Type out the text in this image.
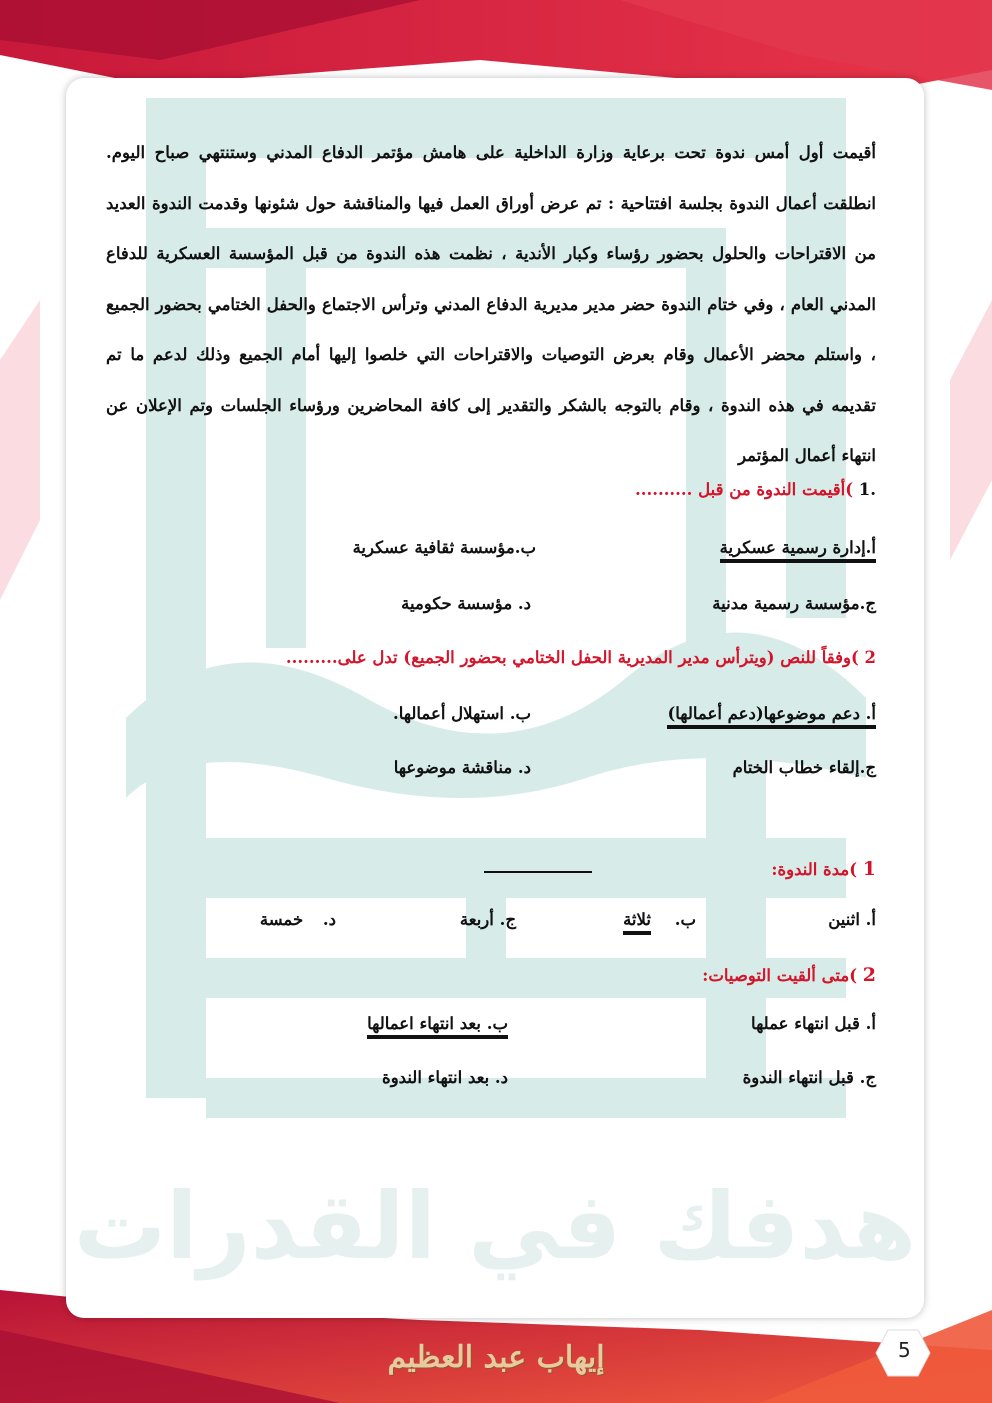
أقيمت أول أمس ندوة تحت برعاية وزارة الداخلية على هامش مؤتمر الدفاع المدني وستنتهي صباح اليوم. انطلقت أعمال الندوة بجلسة افتتاحية : تم عرض أوراق العمل فيها والمناقشة حول شئونها وقدمت الندوة العديد من الاقتراحات والحلول بحضور رؤساء وكبار الأندية ، نظمت هذه الندوة من قبل المؤسسة العسكرية للدفاع المدني العام ، وفي ختام الندوة حضر مدير مديرية الدفاع المدني وترأس الاجتماع والحفل الختامي بحضور الجميع ، واستلم محضر الأعمال وقام بعرض التوصيات والاقتراحات التي خلصوا إليها أمام الجميع وذلك لدعم ما تم تقديمه في هذه الندوة ، وقام بالتوجه بالشكر والتقدير إلى كافة المحاضرين ورؤساء الجلسات وتم الإعلان عن انتهاء أعمال المؤتمر

.1 )أقيمت الندوة من قبل ..........
أ.إدارة رسمية عسكرية
ب.مؤسسة ثقافية عسكرية
ج.مؤسسة رسمية مدنية
د. مؤسسة حكومية
2 )وفقاً للنص (ويترأس مدير المديرية الحفل الختامي بحضور الجميع) تدل على.........
أ. دعم موضوعها(دعم أعمالها)
ب. استهلال أعمالها.
ج.إلقاء خطاب الختام
د. مناقشة موضوعها
1 )مدة الندوة:
أ. اثنين
ب. ثلاثة
ج. أربعة
د. خمسة
2 )متى ألقيت التوصيات:
أ. قبل انتهاء عملها
ب. بعد انتهاء اعمالها
ج. قبل انتهاء الندوة
د. بعد انتهاء الندوة
هدفك في القدرات
إيهاب عبد العظيم	5
